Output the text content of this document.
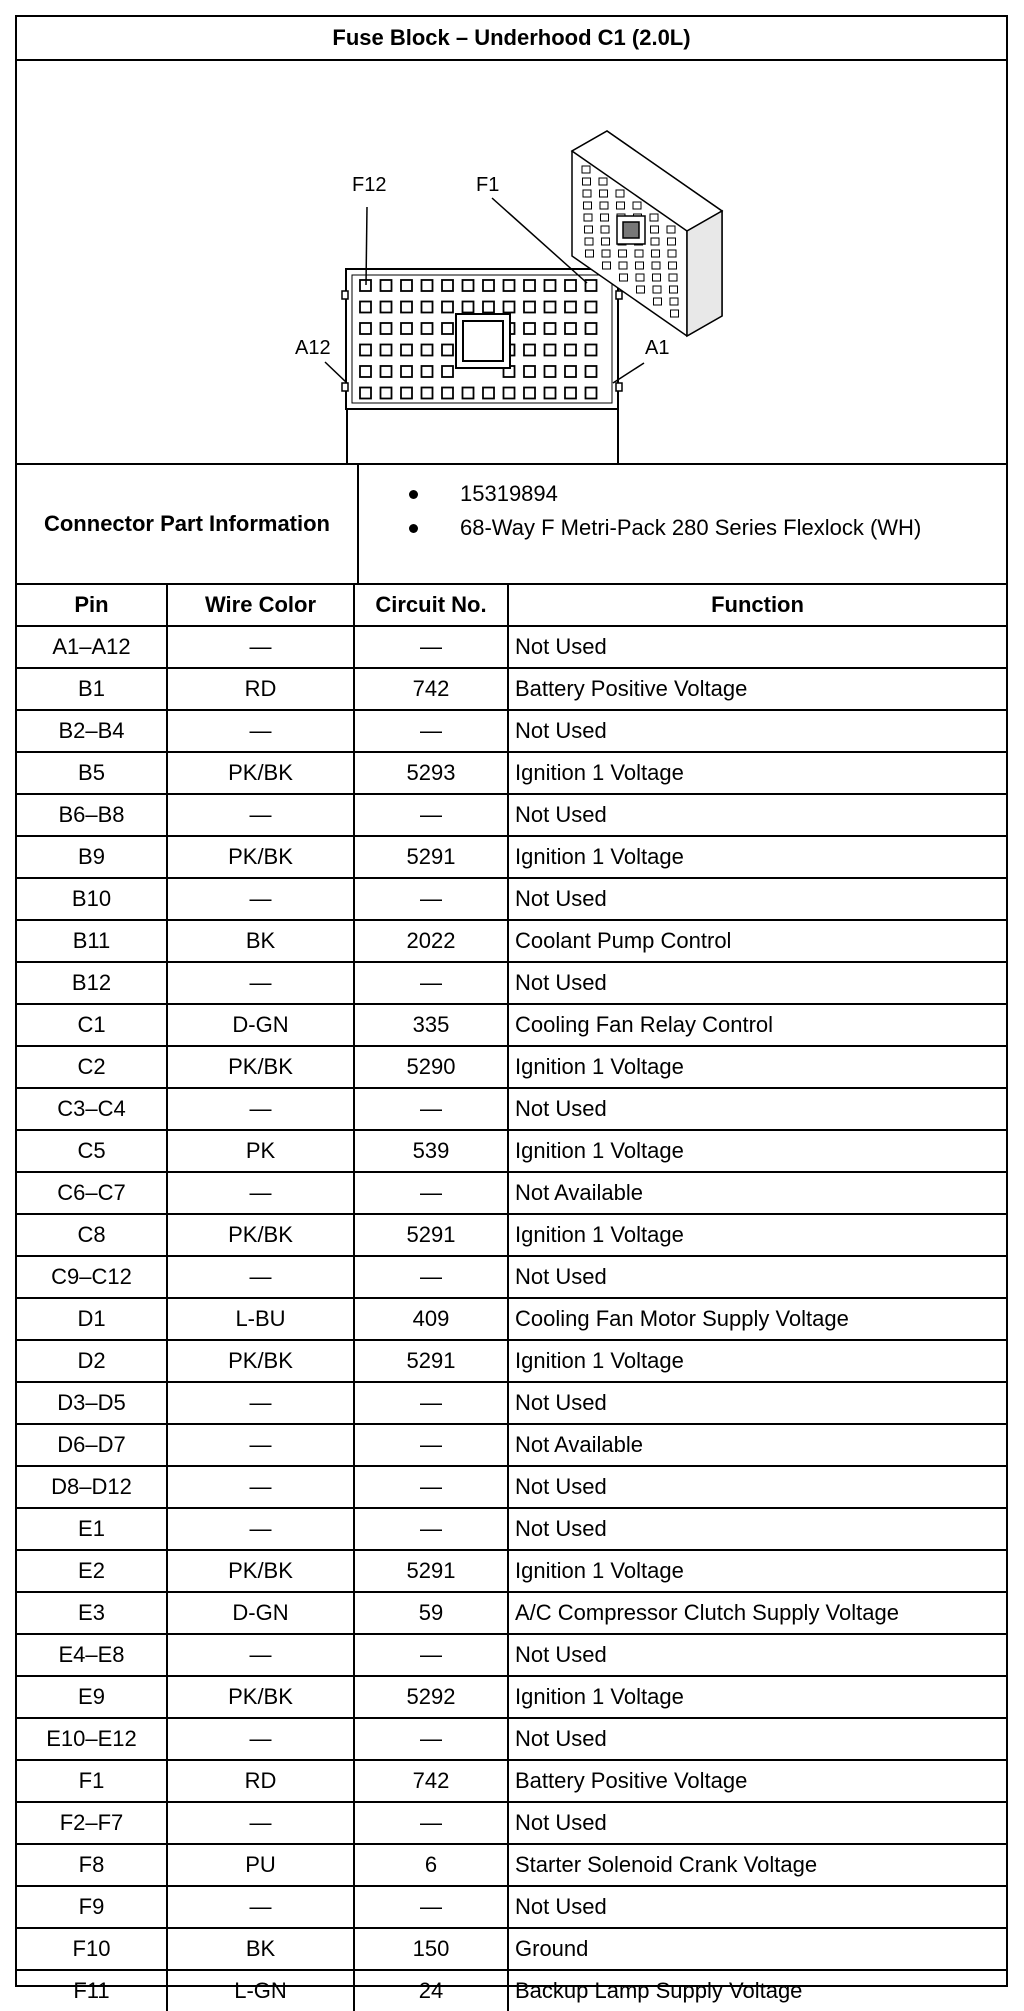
Fuse Block – Underhood C1 (2.0L)
F12	F1
A12	A1
Connector Part Information
15319894
68-Way F Metri-Pack 280 Series Flexlock (WH)
Pin	Wire Color	Circuit No.	Function
A1–A12	—	—	Not Used
B1	RD	742	Battery Positive Voltage
B2–B4	—	—	Not Used
B5	PK/BK	5293	Ignition 1 Voltage
B6–B8	—	—	Not Used
B9	PK/BK	5291	Ignition 1 Voltage
B10	—	—	Not Used
B11	BK	2022	Coolant Pump Control
B12	—	—	Not Used
C1	D-GN	335	Cooling Fan Relay Control
C2	PK/BK	5290	Ignition 1 Voltage
C3–C4	—	—	Not Used
C5	PK	539	Ignition 1 Voltage
C6–C7	—	—	Not Available
C8	PK/BK	5291	Ignition 1 Voltage
C9–C12	—	—	Not Used
D1	L-BU	409	Cooling Fan Motor Supply Voltage
D2	PK/BK	5291	Ignition 1 Voltage
D3–D5	—	—	Not Used
D6–D7	—	—	Not Available
D8–D12	—	—	Not Used
E1	—	—	Not Used
E2	PK/BK	5291	Ignition 1 Voltage
E3	D-GN	59	A/C Compressor Clutch Supply Voltage
E4–E8	—	—	Not Used
E9	PK/BK	5292	Ignition 1 Voltage
E10–E12	—	—	Not Used
F1	RD	742	Battery Positive Voltage
F2–F7	—	—	Not Used
F8	PU	6	Starter Solenoid Crank Voltage
F9	—	—	Not Used
F10	BK	150	Ground
F11	L-GN	24	Backup Lamp Supply Voltage
